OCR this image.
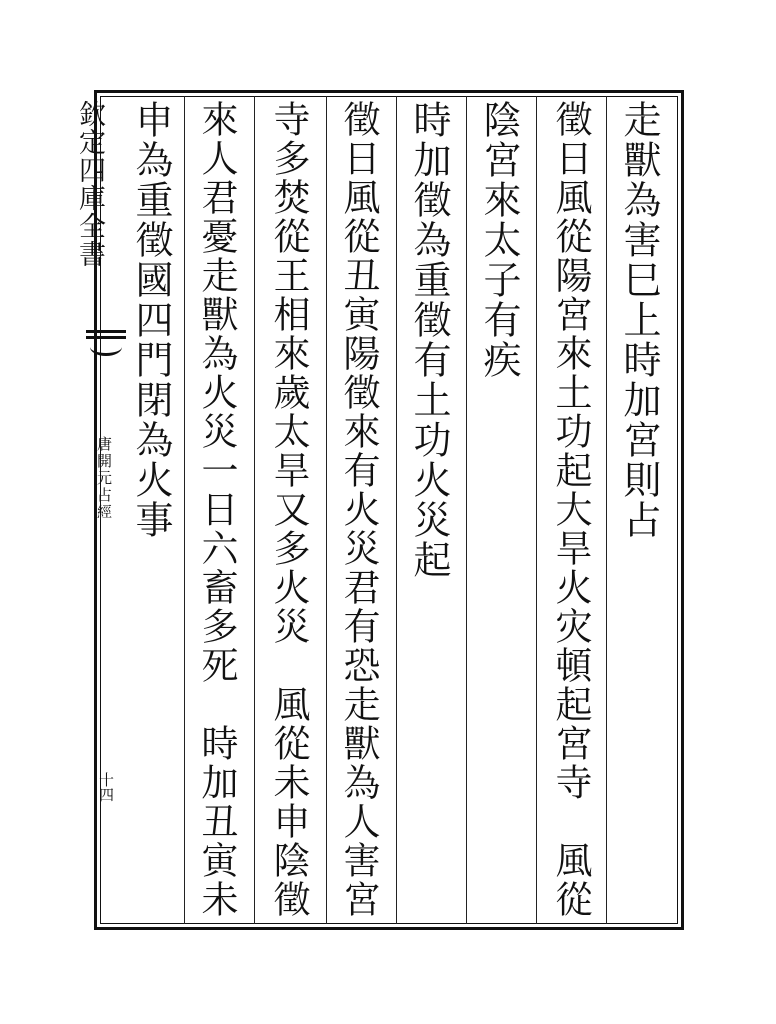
欽定四庫全書
唐開元占經
十四
走獸為害巳上時加宮則占
徵日風從陽宮來土功起大旱火灾頓起宮寺　風從
陰宮來太子有疾
時加徵為重徵有土功火災起
徵日風從丑寅陽徵來有火災君有恐走獸為人害宮
寺多焚從王相來歲太旱又多火災　風從未申陰徵
來人君憂走獸為火災一日六畜多死　時加丑寅未
申為重徵國四門閉為火事
